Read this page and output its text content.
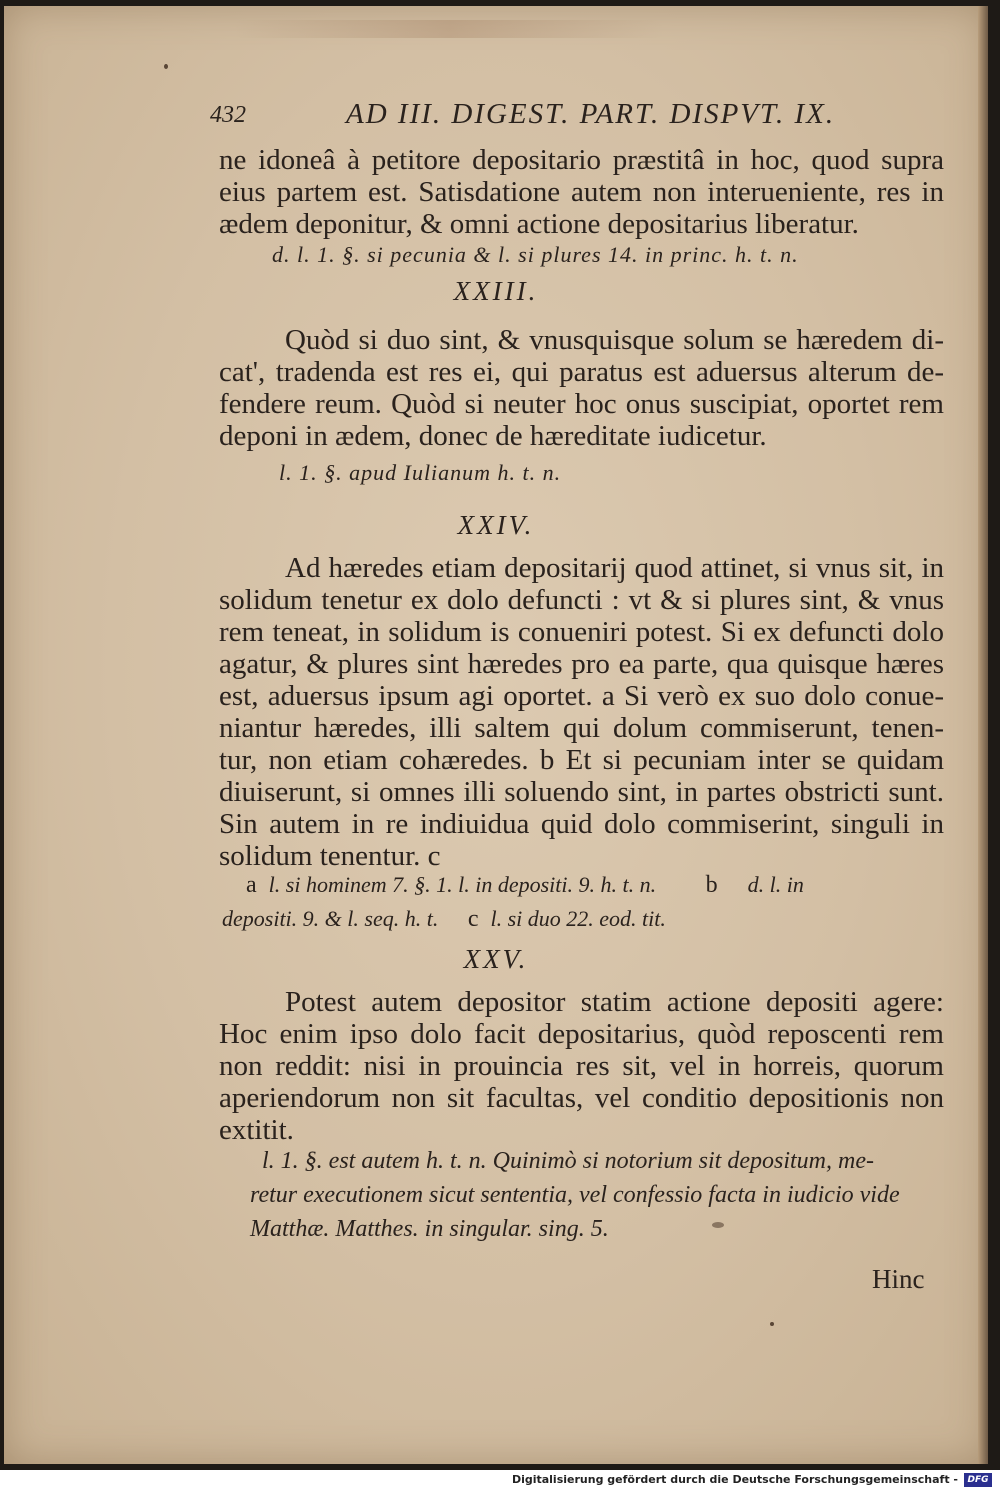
432	AD III. DIGEST. PART. DISPVT. IX.
ne idoneâ à petitore depositario præstitâ in hoc, quod supra
eius partem est. Satisdatione autem non interueniente, res in
ædem deponitur, & omni actione depositarius liberatur.
d. l. 1. §. si pecunia & l. si plures 14. in princ. h. t. n.
XXIII.
Quòd si duo sint, & vnusquisque solum se hæredem di-
cat', tradenda est res ei, qui paratus est aduersus alterum de-
fendere reum. Quòd si neuter hoc onus suscipiat, oportet rem
deponi in ædem, donec de hæreditate iudicetur.
l. 1. §. apud Iulianum h. t. n.
XXIV.
Ad hæredes etiam depositarij quod attinet, si vnus sit, in
solidum tenetur ex dolo defuncti : vt & si plures sint, & vnus
rem teneat, in solidum is conueniri potest. Si ex defuncti dolo
agatur, & plures sint hæredes pro ea parte, qua quisque hæres
est, aduersus ipsum agi oportet. a Si verò ex suo dolo conue-
niantur hæredes, illi saltem qui dolum commiserunt, tenen-
tur, non etiam cohæredes. b Et si pecuniam inter se quidam
diuiserunt, si omnes illi soluendo sint, in partes obstricti sunt.
Sin autem in re indiuidua quid dolo commiserint, singuli in
solidum tenentur. c
a l. si hominem 7. §. 1. l. in depositi. 9. h. t. n. b d. l. in
depositi. 9. & l. seq. h. t. c l. si duo 22. eod. tit.
XXV.
Potest autem depositor statim actione depositi agere:
Hoc enim ipso dolo facit depositarius, quòd reposcenti rem
non reddit: nisi in prouincia res sit, vel in horreis, quorum
aperiendorum non sit facultas, vel conditio depositionis non
extitit.
l. 1. §. est autem h. t. n. Quinimò si notorium sit depositum, me-
retur executionem sicut sententia, vel confessio facta in iudicio vide
Matthæ. Matthes. in singular. sing. 5.
Hinc
Digitalisierung gefördert durch die Deutsche Forschungsgemeinschaft -	DFG
